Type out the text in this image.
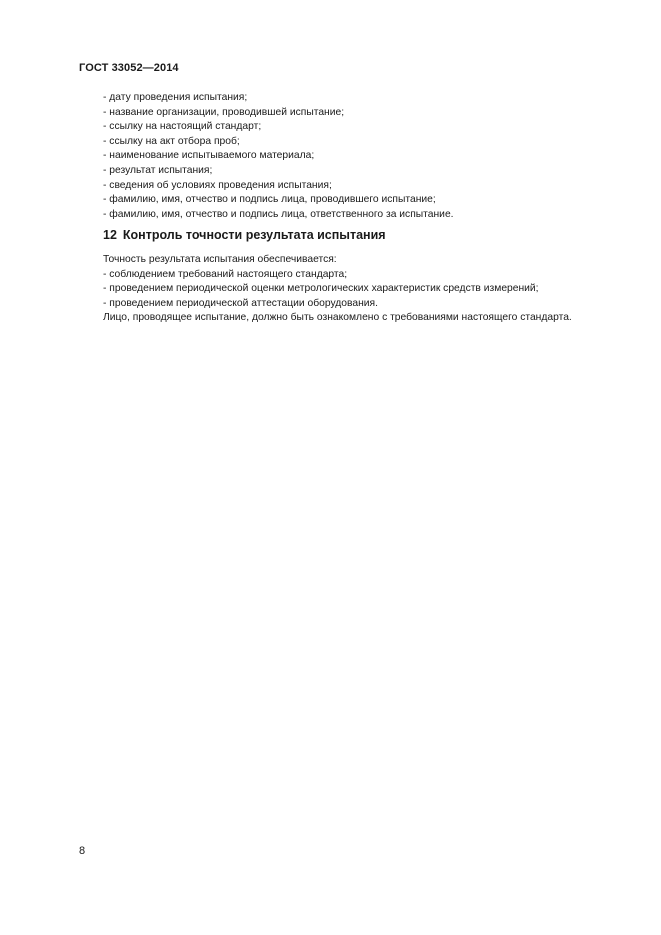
ГОСТ 33052—2014
- дату проведения испытания;
- название организации, проводившей испытание;
- ссылку на настоящий стандарт;
- ссылку на акт отбора проб;
- наименование испытываемого материала;
- результат испытания;
- сведения об условиях проведения испытания;
- фамилию, имя, отчество и подпись лица, проводившего испытание;
- фамилию, имя, отчество и подпись лица, ответственного за испытание.
12 Контроль точности результата испытания

Точность результата испытания обеспечивается:

- соблюдением требований настоящего стандарта;

- проведением периодической оценки метрологических характеристик средств измерений;

- проведением периодической аттестации оборудования.

Лицо, проводящее испытание, должно быть ознакомлено с требованиями настоящего стандарта.

8
